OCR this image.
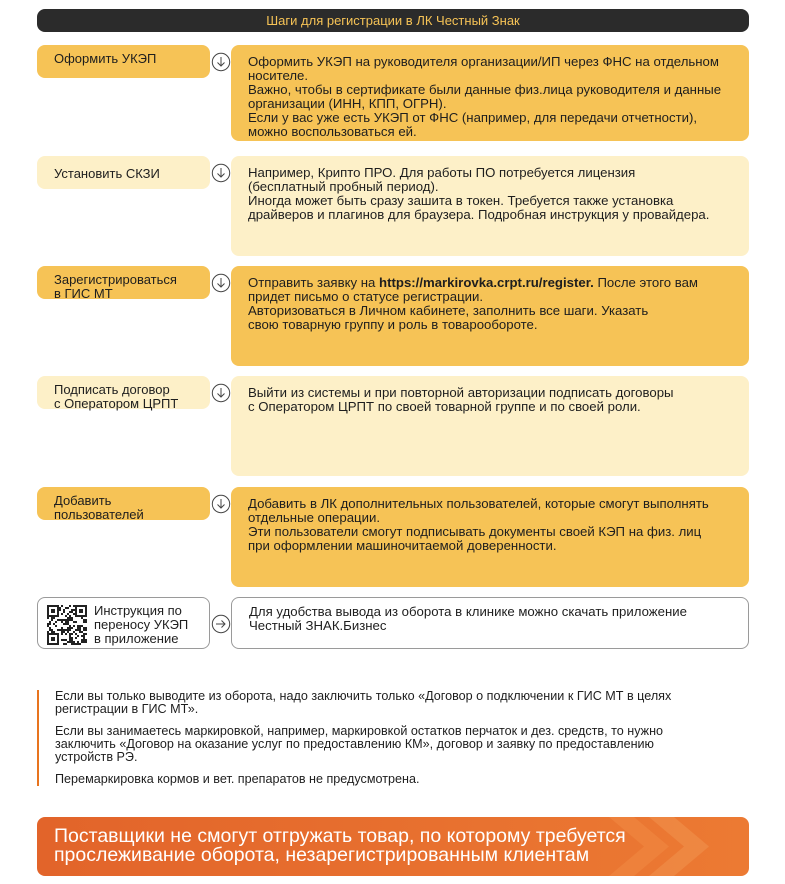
Шаги для регистрации в ЛК Честный Знак
Оформить УКЭП	Оформить УКЭП на руководителя организации/ИП через ФНС на отдельном
носителе.
Важно, чтобы в сертификате были данные физ.лица руководителя и данные
организации (ИНН, КПП, ОГРН).
Если у вас уже есть УКЭП от ФНС (например, для передачи отчетности),
можно воспользоваться ей.
Установить СКЗИ	Например, Крипто ПРО. Для работы ПО потребуется лицензия
(бесплатный пробный период).
Иногда может быть сразу зашита в токен. Требуется также установка
драйверов и плагинов для браузера. Подробная инструкция у провайдера.
Зарегистрироваться
в ГИС МТ
Отправить заявку на https://markirovka.crpt.ru/register. После этого вам
придет письмо о статусе регистрации.
Авторизоваться в Личном кабинете, заполнить все шаги. Указать
свою товарную группу и роль в товарообороте.
Подписать договор
с Оператором ЦРПТ
Выйти из системы и при повторной авторизации подписать договоры
с Оператором ЦРПТ по своей товарной группе и по своей роли.
Добавить
пользователей
Добавить в ЛК дополнительных пользователей, которые смогут выполнять
отдельные операции.
Эти пользователи смогут подписывать документы своей КЭП на физ. лиц
при оформлении машиночитаемой доверенности.
Инструкция по
переносу УКЭП
в приложение
Для удобства вывода из оборота в клинике можно скачать приложение
Честный ЗНАК.Бизнес

Если вы только выводите из оборота, надо заключить только «Договор о подключении к ГИС МТ в целях
регистрации в ГИС МТ».

Если вы занимаетесь маркировкой, например, маркировкой остатков перчаток и дез. средств, то нужно
заключить «Договор на оказание услуг по предоставлению КМ», договор и заявку по предоставлению
устройств РЭ.

Перемаркировка кормов и вет. препаратов не предусмотрена.

Поставщики не смогут отгружать товар, по которому требуется
прослеживание оборота, незарегистрированным клиентам
